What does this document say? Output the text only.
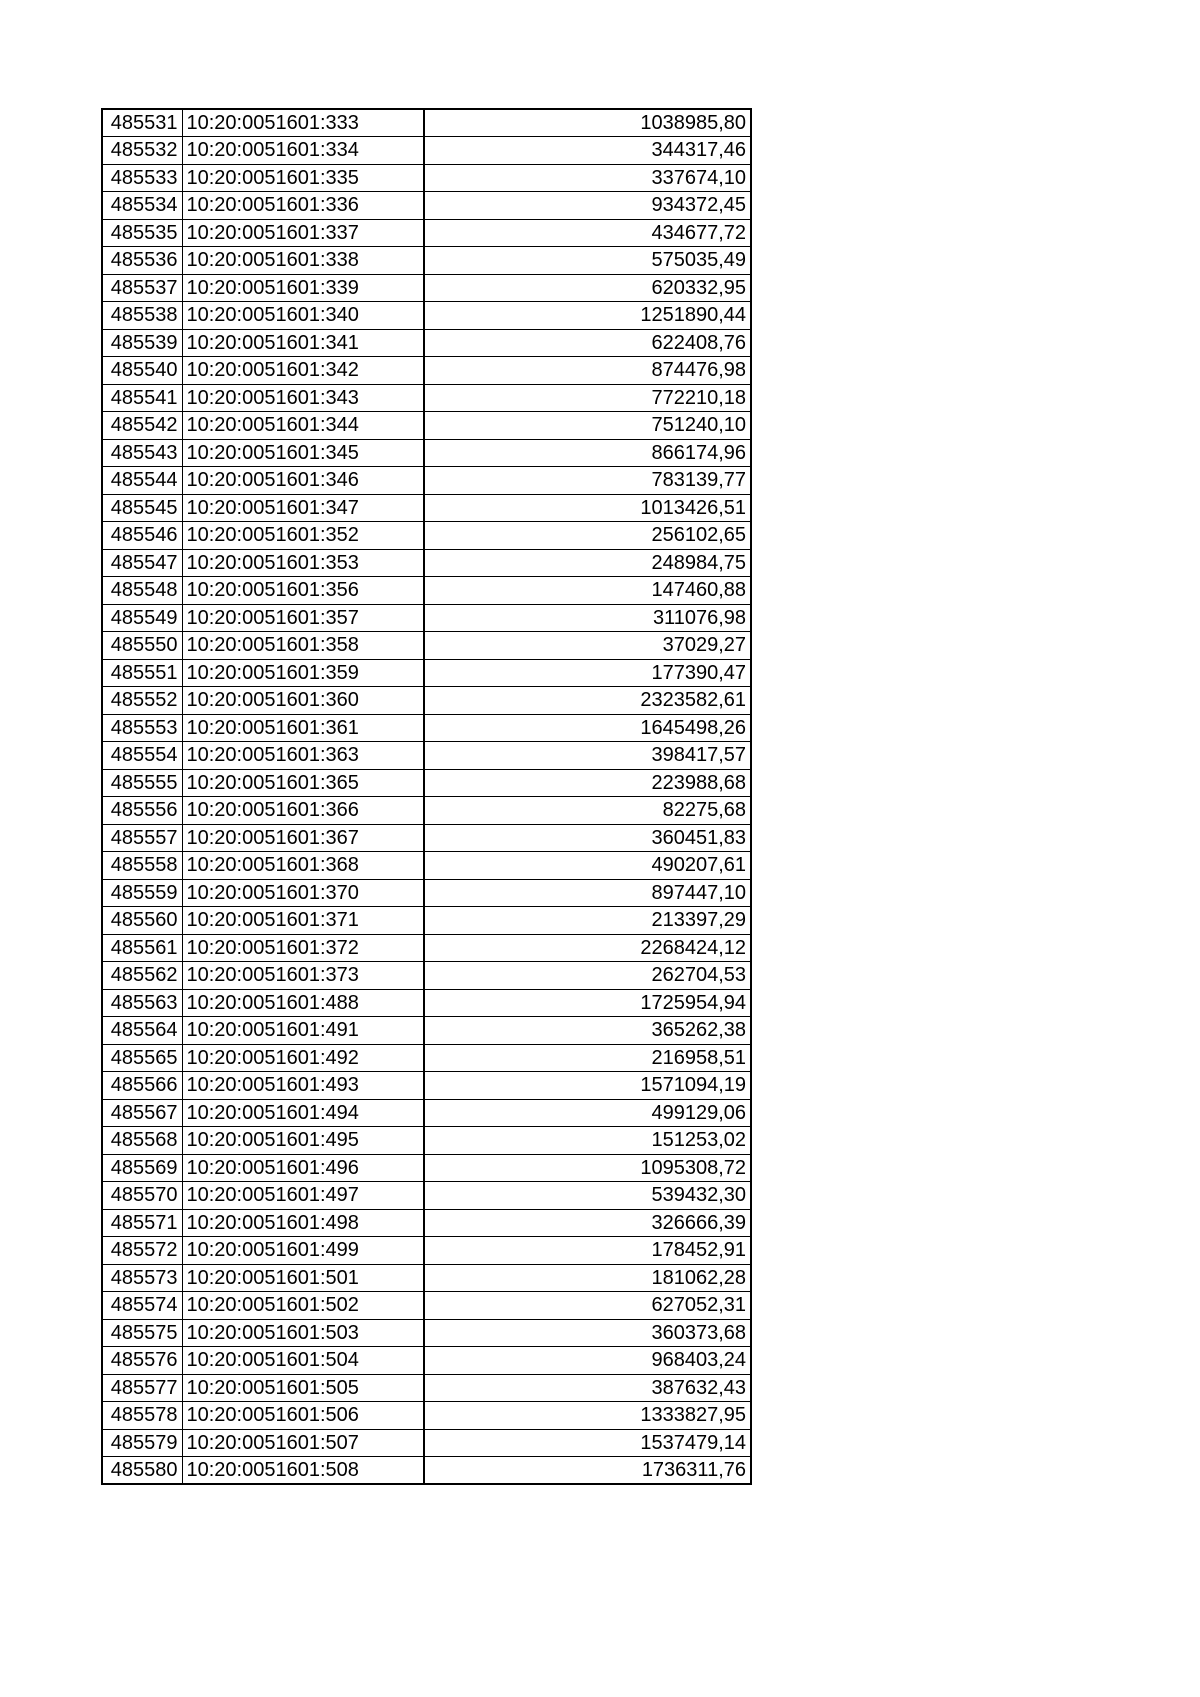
485531	10:20:0051601:333	1038985,80
485532	10:20:0051601:334	344317,46
485533	10:20:0051601:335	337674,10
485534	10:20:0051601:336	934372,45
485535	10:20:0051601:337	434677,72
485536	10:20:0051601:338	575035,49
485537	10:20:0051601:339	620332,95
485538	10:20:0051601:340	1251890,44
485539	10:20:0051601:341	622408,76
485540	10:20:0051601:342	874476,98
485541	10:20:0051601:343	772210,18
485542	10:20:0051601:344	751240,10
485543	10:20:0051601:345	866174,96
485544	10:20:0051601:346	783139,77
485545	10:20:0051601:347	1013426,51
485546	10:20:0051601:352	256102,65
485547	10:20:0051601:353	248984,75
485548	10:20:0051601:356	147460,88
485549	10:20:0051601:357	311076,98
485550	10:20:0051601:358	37029,27
485551	10:20:0051601:359	177390,47
485552	10:20:0051601:360	2323582,61
485553	10:20:0051601:361	1645498,26
485554	10:20:0051601:363	398417,57
485555	10:20:0051601:365	223988,68
485556	10:20:0051601:366	82275,68
485557	10:20:0051601:367	360451,83
485558	10:20:0051601:368	490207,61
485559	10:20:0051601:370	897447,10
485560	10:20:0051601:371	213397,29
485561	10:20:0051601:372	2268424,12
485562	10:20:0051601:373	262704,53
485563	10:20:0051601:488	1725954,94
485564	10:20:0051601:491	365262,38
485565	10:20:0051601:492	216958,51
485566	10:20:0051601:493	1571094,19
485567	10:20:0051601:494	499129,06
485568	10:20:0051601:495	151253,02
485569	10:20:0051601:496	1095308,72
485570	10:20:0051601:497	539432,30
485571	10:20:0051601:498	326666,39
485572	10:20:0051601:499	178452,91
485573	10:20:0051601:501	181062,28
485574	10:20:0051601:502	627052,31
485575	10:20:0051601:503	360373,68
485576	10:20:0051601:504	968403,24
485577	10:20:0051601:505	387632,43
485578	10:20:0051601:506	1333827,95
485579	10:20:0051601:507	1537479,14
485580	10:20:0051601:508	1736311,76
